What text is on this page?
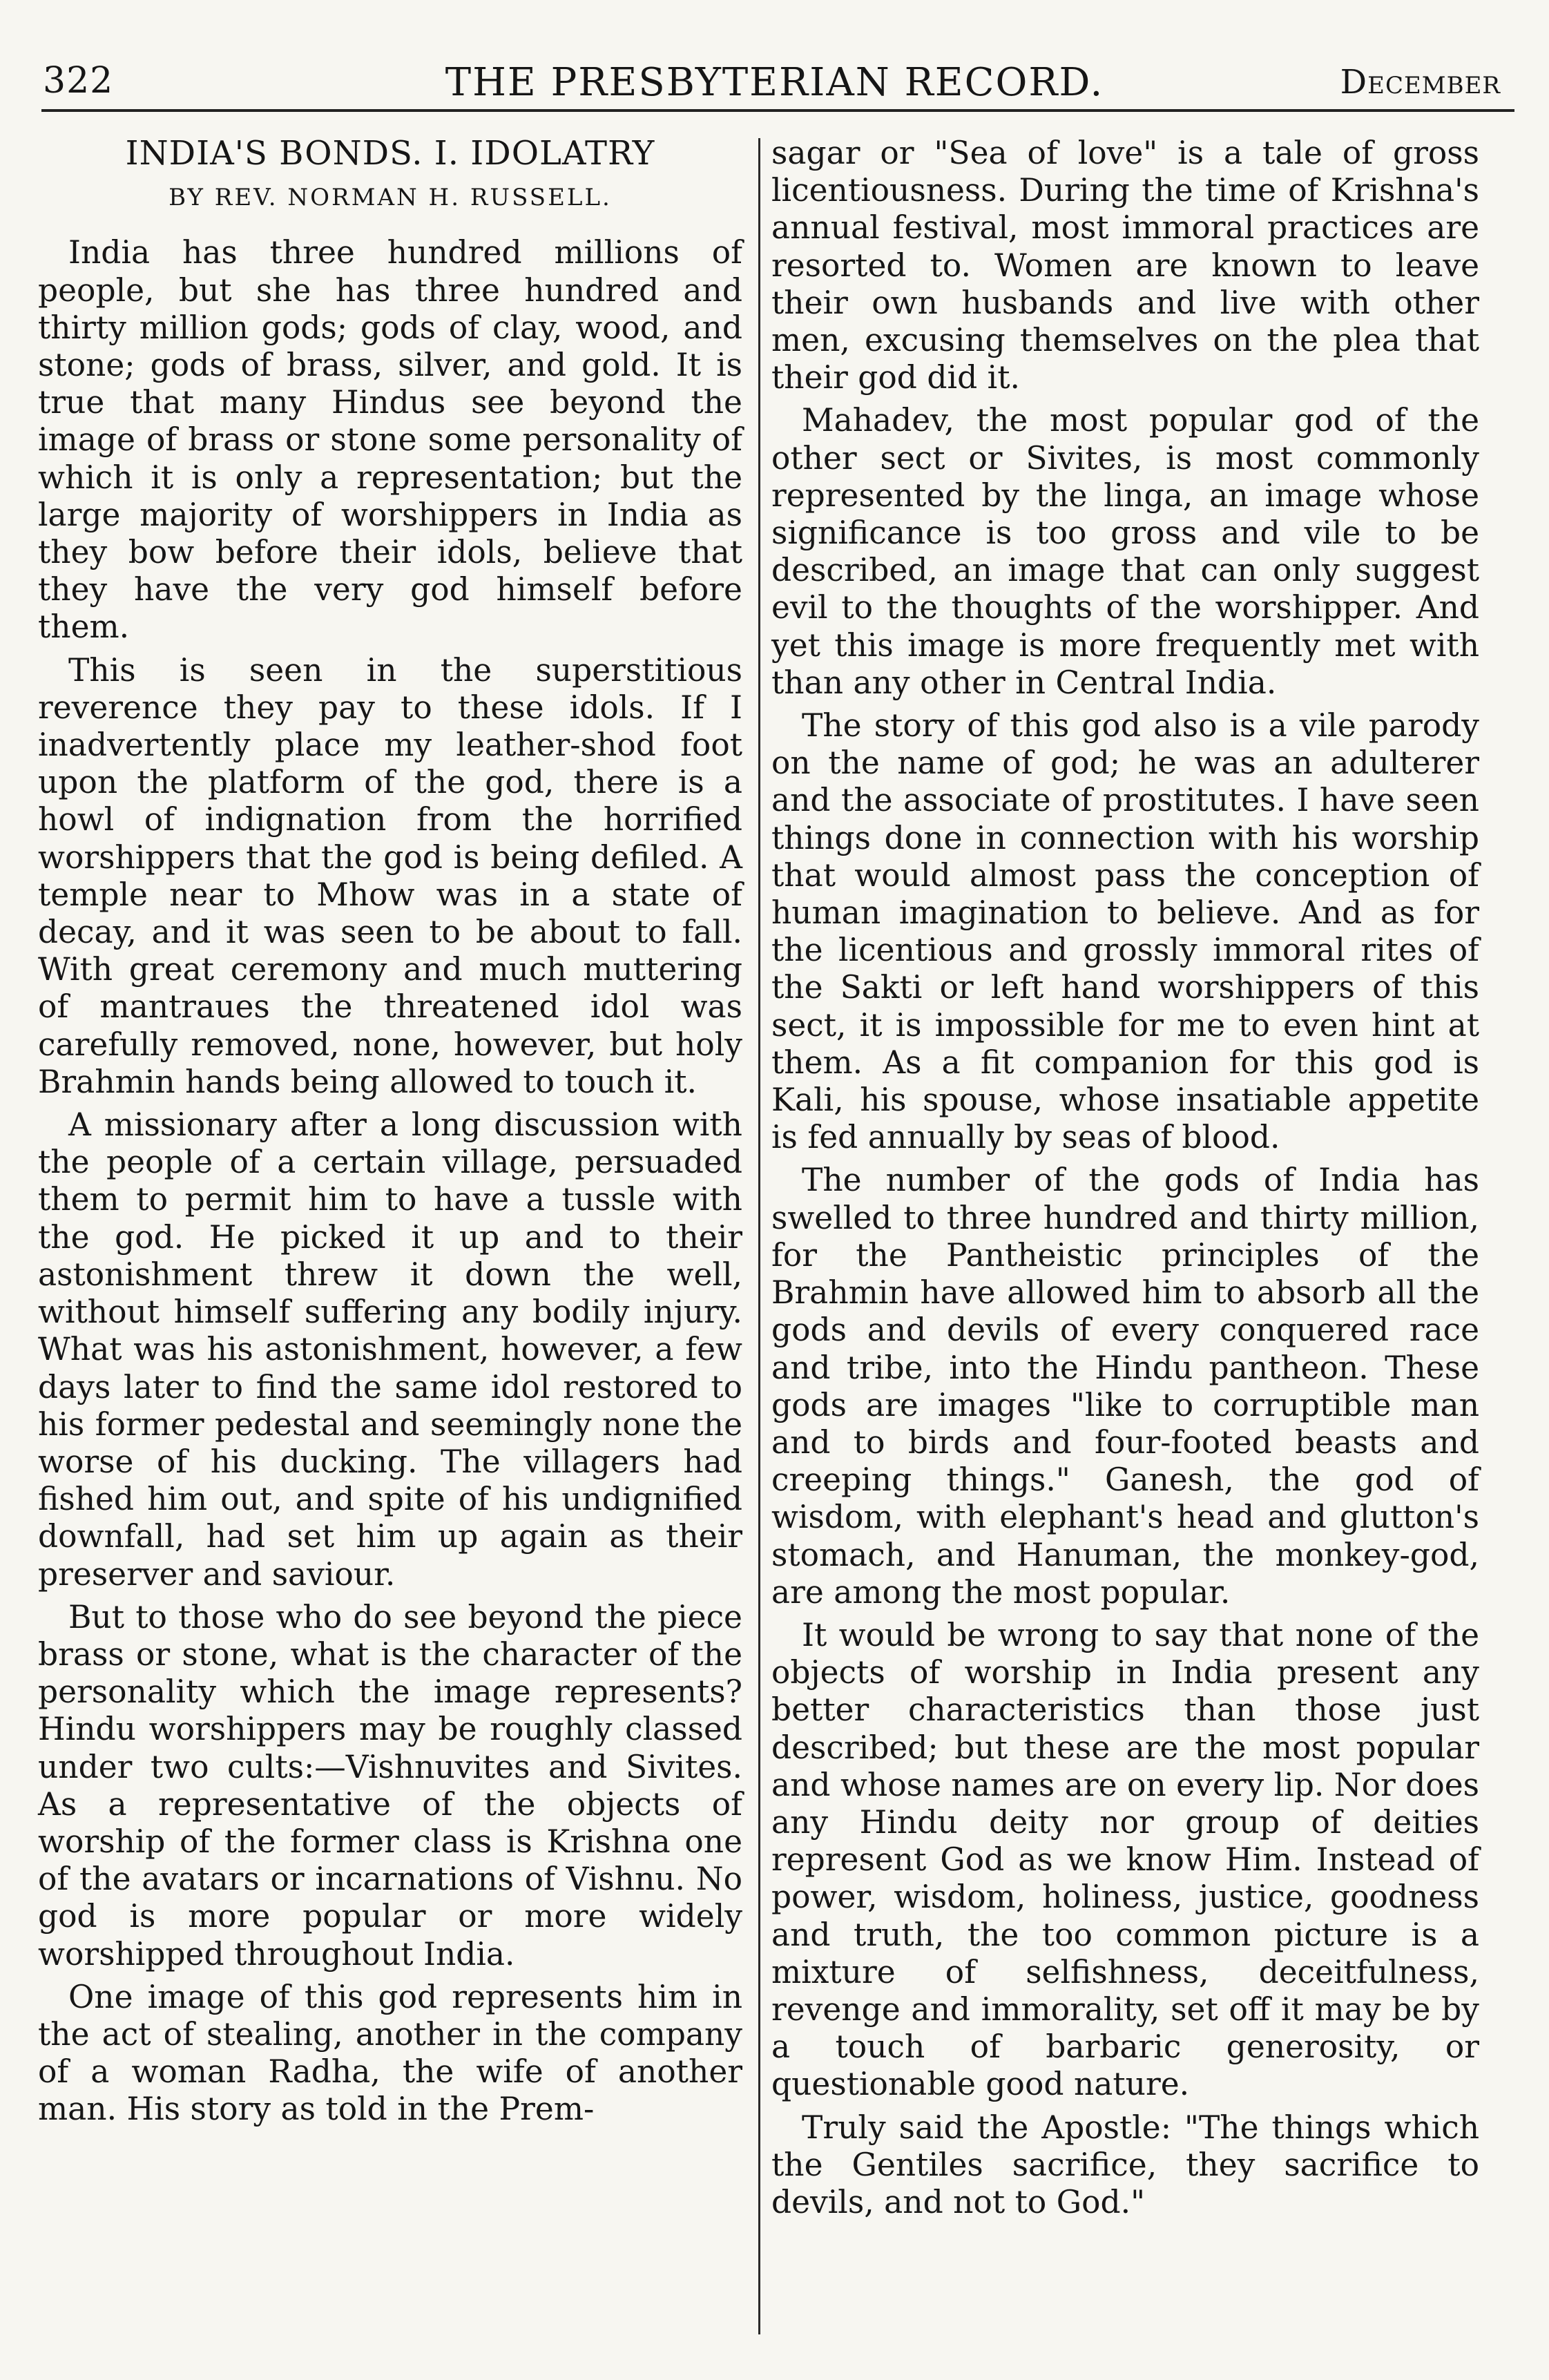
322	THE PRESBYTERIAN RECORD.	December
INDIA'S BONDS. I. IDOLATRY
BY REV. NORMAN H. RUSSELL.

India has three hundred millions of people, but she has three hundred and thirty million gods; gods of clay, wood, and stone; gods of brass, silver, and gold. It is true that many Hindus see beyond the image of brass or stone some personality of which it is only a representation; but the large majority of worshippers in India as they bow before their idols, believe that they have the very god himself before them.

This is seen in the superstitious reverence they pay to these idols. If I inadvertently place my leather-shod foot upon the platform of the god, there is a howl of indignation from the horrified worshippers that the god is being defiled. A temple near to Mhow was in a state of decay, and it was seen to be about to fall. With great ceremony and much muttering of mantraues the threatened idol was carefully removed, none, however, but holy Brahmin hands being allowed to touch it.

A missionary after a long discussion with the people of a certain village, persuaded them to permit him to have a tussle with the god. He picked it up and to their astonishment threw it down the well, without himself suffering any bodily injury. What was his astonishment, however, a few days later to find the same idol restored to his former pedestal and seemingly none the worse of his ducking. The villagers had fished him out, and spite of his undignified downfall, had set him up again as their preserver and saviour.

But to those who do see beyond the piece brass or stone, what is the character of the personality which the image represents? Hindu worshippers may be roughly classed under two cults:—Vishnuvites and Sivites. As a representative of the objects of worship of the former class is Krishna one of the avatars or incarnations of Vishnu. No god is more popular or more widely worshipped throughout India.

One image of this god represents him in the act of stealing, another in the company of a woman Radha, the wife of another man. His story as told in the Prem-

sagar or "Sea of love" is a tale of gross licentiousness. During the time of Krishna's annual festival, most immoral practices are resorted to. Women are known to leave their own husbands and live with other men, excusing themselves on the plea that their god did it.

Mahadev, the most popular god of the other sect or Sivites, is most commonly represented by the linga, an image whose significance is too gross and vile to be described, an image that can only suggest evil to the thoughts of the worshipper. And yet this image is more frequently met with than any other in Central India.

The story of this god also is a vile parody on the name of god; he was an adulterer and the associate of prostitutes. I have seen things done in connection with his worship that would almost pass the conception of human imagination to believe. And as for the licentious and grossly immoral rites of the Sakti or left hand worshippers of this sect, it is impossible for me to even hint at them. As a fit companion for this god is Kali, his spouse, whose insatiable appetite is fed annually by seas of blood.

The number of the gods of India has swelled to three hundred and thirty million, for the Pantheistic principles of the Brahmin have allowed him to absorb all the gods and devils of every conquered race and tribe, into the Hindu pantheon. These gods are images "like to corruptible man and to birds and four-footed beasts and creeping things." Ganesh, the god of wisdom, with elephant's head and glutton's stomach, and Hanuman, the monkey-god, are among the most popular.

It would be wrong to say that none of the objects of worship in India present any better characteristics than those just described; but these are the most popular and whose names are on every lip. Nor does any Hindu deity nor group of deities represent God as we know Him. Instead of power, wisdom, holiness, justice, goodness and truth, the too common picture is a mixture of selfishness, deceitfulness, revenge and immorality, set off it may be by a touch of barbaric generosity, or questionable good nature.

Truly said the Apostle: "The things which the Gentiles sacrifice, they sacrifice to devils, and not to God."
